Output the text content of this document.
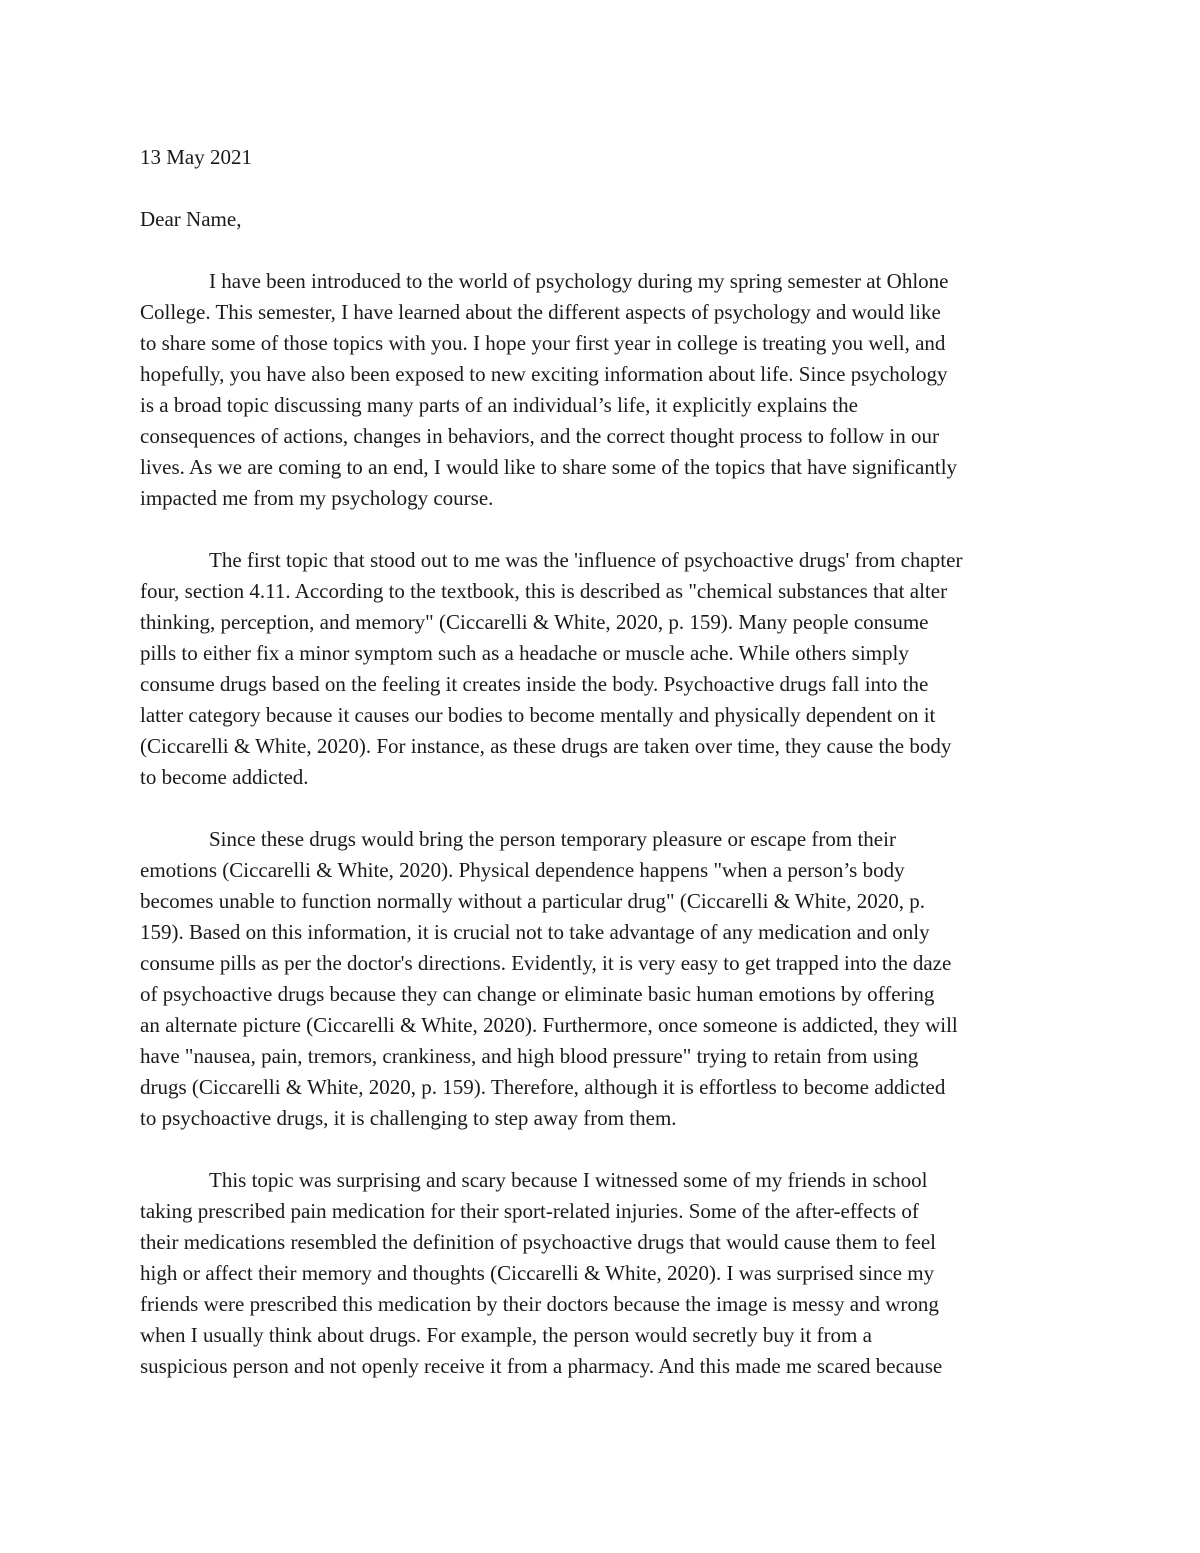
13 May 2021
Dear Name,
I have been introduced to the world of psychology during my spring semester at Ohlone
College. This semester, I have learned about the different aspects of psychology and would like
to share some of those topics with you. I hope your first year in college is treating you well, and
hopefully, you have also been exposed to new exciting information about life. Since psychology
is a broad topic discussing many parts of an individual’s life, it explicitly explains the
consequences of actions, changes in behaviors, and the correct thought process to follow in our
lives. As we are coming to an end, I would like to share some of the topics that have significantly
impacted me from my psychology course.
The first topic that stood out to me was the 'influence of psychoactive drugs' from chapter
four, section 4.11. According to the textbook, this is described as "chemical substances that alter
thinking, perception, and memory" (Ciccarelli & White, 2020, p. 159). Many people consume
pills to either fix a minor symptom such as a headache or muscle ache. While others simply
consume drugs based on the feeling it creates inside the body. Psychoactive drugs fall into the
latter category because it causes our bodies to become mentally and physically dependent on it
(Ciccarelli & White, 2020). For instance, as these drugs are taken over time, they cause the body
to become addicted.
Since these drugs would bring the person temporary pleasure or escape from their
emotions (Ciccarelli & White, 2020). Physical dependence happens "when a person’s body
becomes unable to function normally without a particular drug" (Ciccarelli & White, 2020, p.
159). Based on this information, it is crucial not to take advantage of any medication and only
consume pills as per the doctor's directions. Evidently, it is very easy to get trapped into the daze
of psychoactive drugs because they can change or eliminate basic human emotions by offering
an alternate picture (Ciccarelli & White, 2020). Furthermore, once someone is addicted, they will
have "nausea, pain, tremors, crankiness, and high blood pressure" trying to retain from using
drugs (Ciccarelli & White, 2020, p. 159). Therefore, although it is effortless to become addicted
to psychoactive drugs, it is challenging to step away from them.
This topic was surprising and scary because I witnessed some of my friends in school
taking prescribed pain medication for their sport-related injuries. Some of the after-effects of
their medications resembled the definition of psychoactive drugs that would cause them to feel
high or affect their memory and thoughts (Ciccarelli & White, 2020). I was surprised since my
friends were prescribed this medication by their doctors because the image is messy and wrong
when I usually think about drugs. For example, the person would secretly buy it from a
suspicious person and not openly receive it from a pharmacy. And this made me scared because
